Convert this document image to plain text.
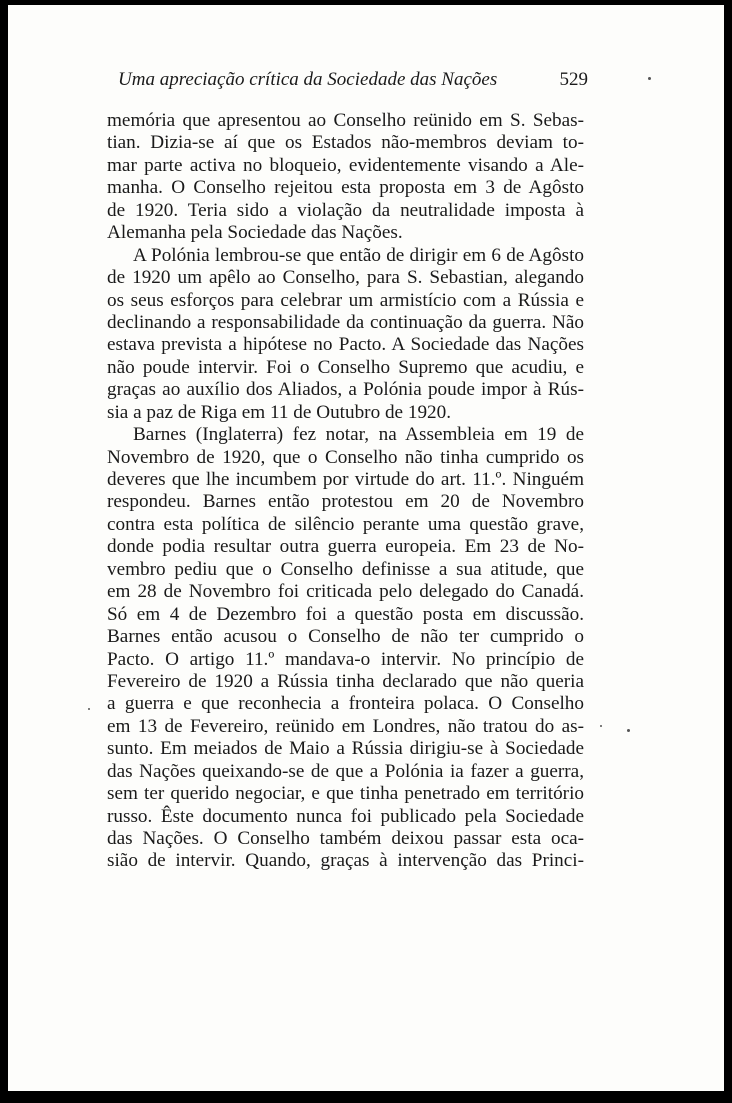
Uma apreciação crítica da Sociedade das Nações	529
memória que apresentou ao Conselho reünido em S. Sebas-
tian. Dizia-se aí que os Estados não-membros deviam to-
mar parte activa no bloqueio, evidentemente visando a Ale-
manha. O Conselho rejeitou esta proposta em 3 de Agôsto
de 1920. Teria sido a violação da neutralidade imposta à
Alemanha pela Sociedade das Nações.
A Polónia lembrou-se que então de dirigir em 6 de Agôsto
de 1920 um apêlo ao Conselho, para S. Sebastian, alegando
os seus esforços para celebrar um armistício com a Rússia e
declinando a responsabilidade da continuação da guerra. Não
estava prevista a hipótese no Pacto. A Sociedade das Nações
não poude intervir. Foi o Conselho Supremo que acudiu, e
graças ao auxílio dos Aliados, a Polónia poude impor à Rús-
sia a paz de Riga em 11 de Outubro de 1920.
Barnes (Inglaterra) fez notar, na Assembleia em 19 de
Novembro de 1920, que o Conselho não tinha cumprido os
deveres que lhe incumbem por virtude do art. 11.º. Ninguém
respondeu. Barnes então protestou em 20 de Novembro
contra esta política de silêncio perante uma questão grave,
donde podia resultar outra guerra europeia. Em 23 de No-
vembro pediu que o Conselho definisse a sua atitude, que
em 28 de Novembro foi criticada pelo delegado do Canadá.
Só em 4 de Dezembro foi a questão posta em discussão.
Barnes então acusou o Conselho de não ter cumprido o
Pacto. O artigo 11.º mandava-o intervir. No princípio de
Fevereiro de 1920 a Rússia tinha declarado que não queria
a guerra e que reconhecia a fronteira polaca. O Conselho
em 13 de Fevereiro, reünido em Londres, não tratou do as-
sunto. Em meiados de Maio a Rússia dirigiu-se à Sociedade
das Nações queixando-se de que a Polónia ia fazer a guerra,
sem ter querido negociar, e que tinha penetrado em território
russo. Êste documento nunca foi publicado pela Sociedade
das Nações. O Conselho também deixou passar esta oca-
sião de intervir. Quando, graças à intervenção das Princi-
